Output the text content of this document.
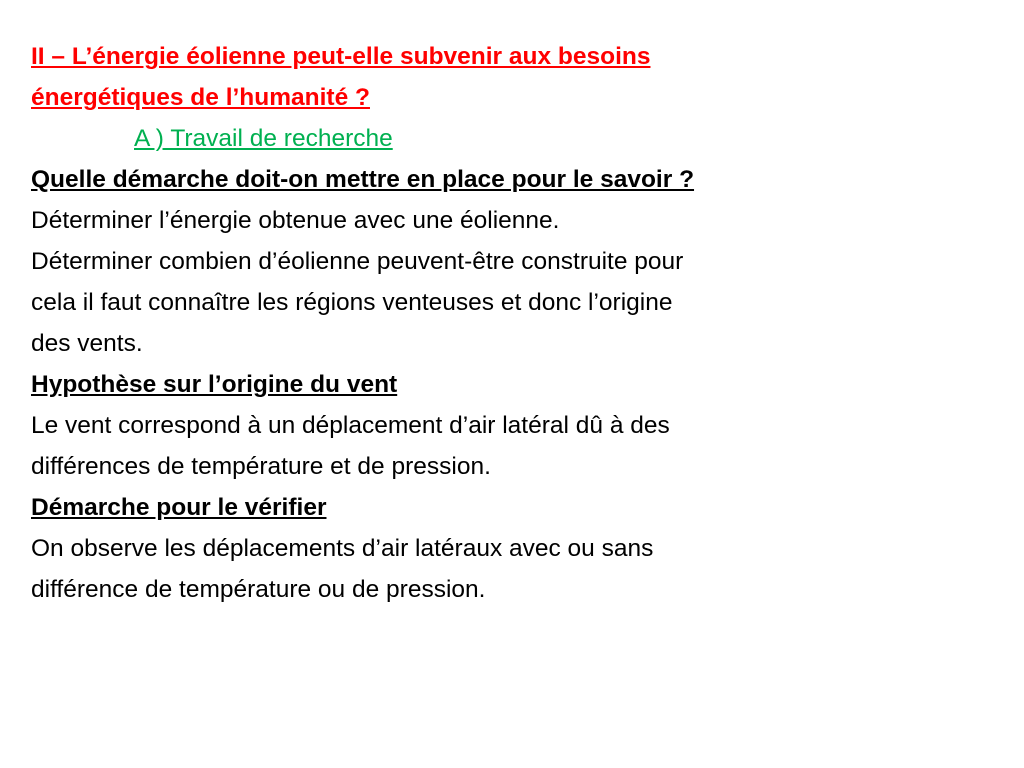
II – L’énergie éolienne peut-elle subvenir aux besoins
énergétiques de l’humanité ?
A ) Travail de recherche
Quelle démarche doit-on mettre en place pour le savoir ?
Déterminer l’énergie obtenue avec une éolienne.
Déterminer combien d’éolienne peuvent-être construite pour
cela il faut connaître les régions venteuses et donc l’origine
des vents.
Hypothèse sur l’origine du vent
Le vent correspond à un déplacement d’air latéral dû à des
différences de température et de pression.
Démarche pour le vérifier
On observe les déplacements d’air latéraux avec ou sans
différence de température ou de pression.
